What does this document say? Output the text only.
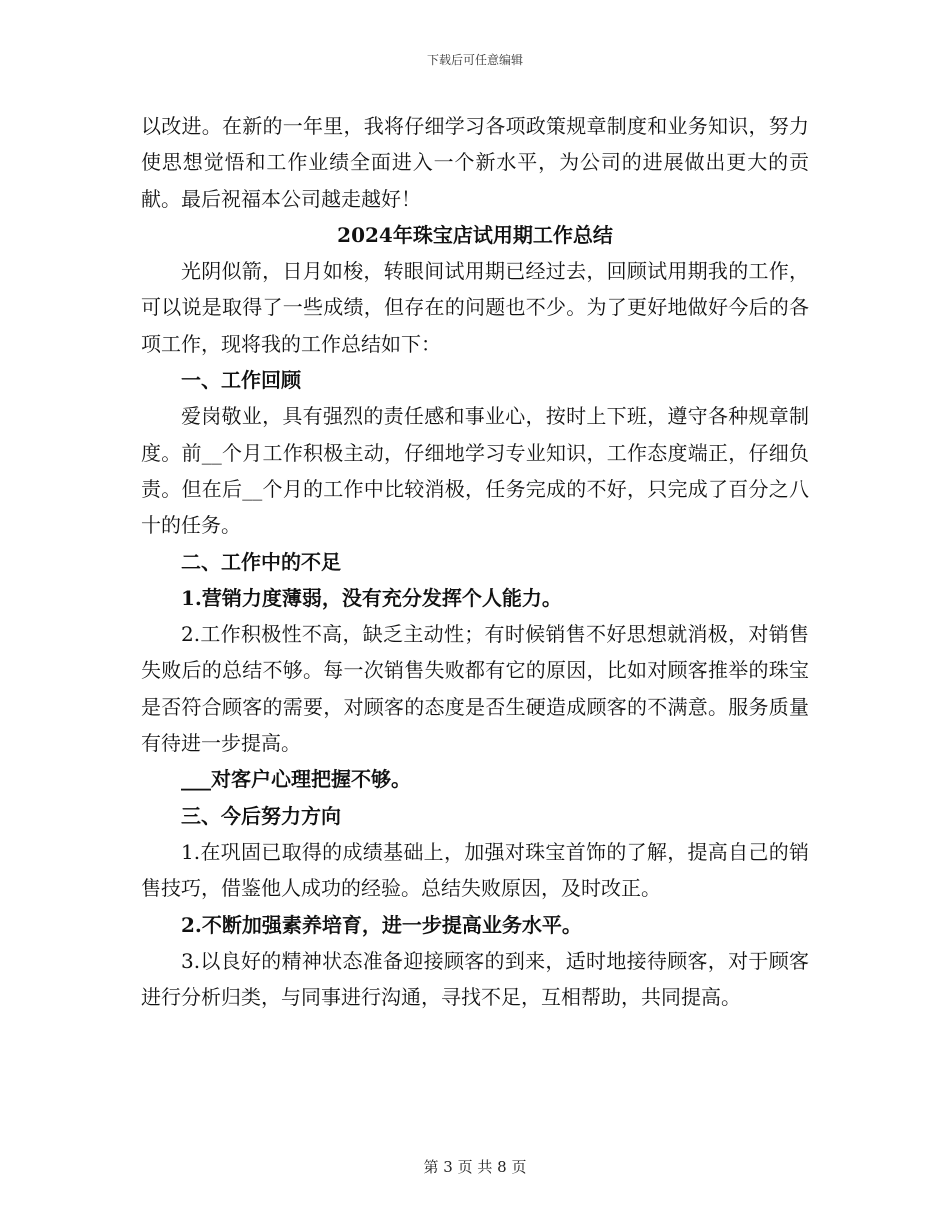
下载后可任意编辑

以改进。在新的一年里，我将仔细学习各项政策规章制度和业务知识，努力使思想觉悟和工作业绩全面进入一个新水平，为公司的进展做出更大的贡献。最后祝福本公司越走越好！

2024年珠宝店试用期工作总结

光阴似箭，日月如梭，转眼间试用期已经过去，回顾试用期我的工作，可以说是取得了一些成绩，但存在的问题也不少。为了更好地做好今后的各项工作，现将我的工作总结如下：

一、工作回顾

爱岗敬业，具有强烈的责任感和事业心，按时上下班，遵守各种规章制度。前__个月工作积极主动，仔细地学习专业知识，工作态度端正，仔细负责。但在后__个月的工作中比较消极，任务完成的不好，只完成了百分之八十的任务。

二、工作中的不足

1.营销力度薄弱，没有充分发挥个人能力。

2.工作积极性不高，缺乏主动性；有时候销售不好思想就消极，对销售失败后的总结不够。每一次销售失败都有它的原因，比如对顾客推举的珠宝是否符合顾客的需要，对顾客的态度是否生硬造成顾客的不满意。服务质量有待进一步提高。

___对客户心理把握不够。

三、今后努力方向

1.在巩固已取得的成绩基础上，加强对珠宝首饰的了解，提高自己的销售技巧，借鉴他人成功的经验。总结失败原因，及时改正。

2.不断加强素养培育，进一步提高业务水平。

3.以良好的精神状态准备迎接顾客的到来，适时地接待顾客，对于顾客进行分析归类，与同事进行沟通，寻找不足，互相帮助，共同提高。

第 3 页 共 8 页
